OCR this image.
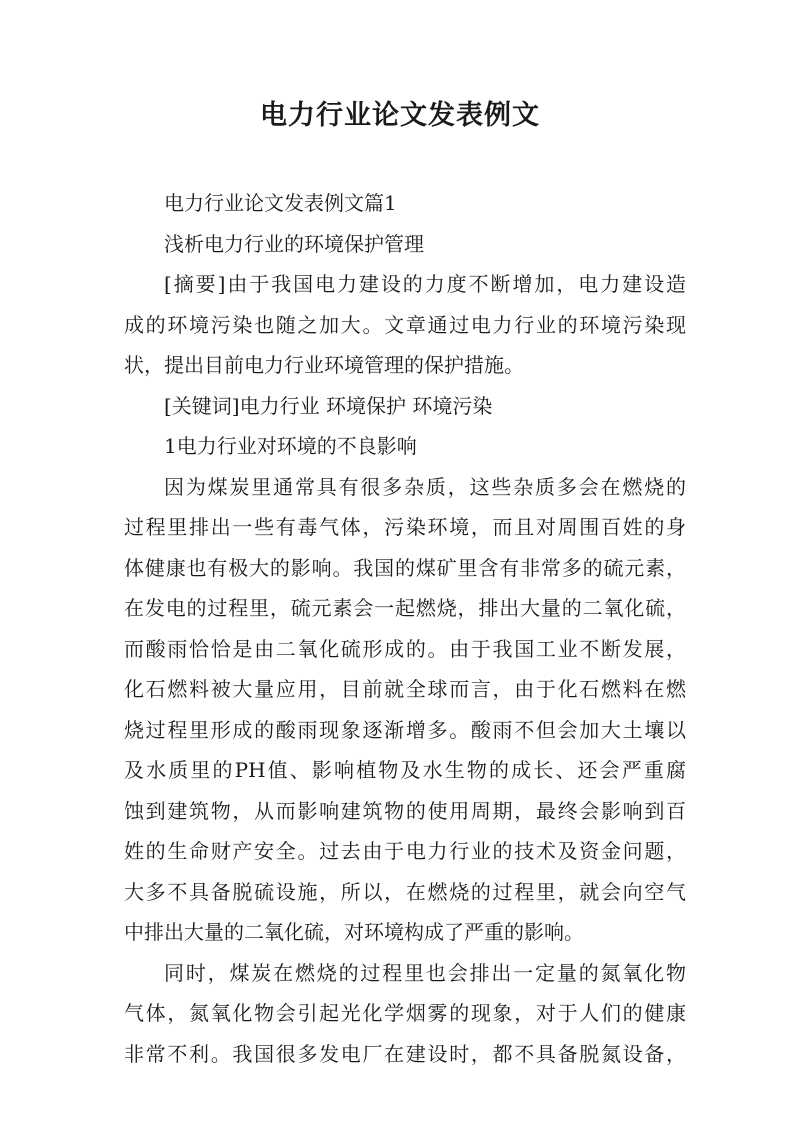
电力行业论文发表例文
电力行业论文发表例文篇1
浅析电力行业的环境保护管理
[摘要]由于我国电力建设的力度不断增加，电力建设造
成的环境污染也随之加大。文章通过电力行业的环境污染现
状，提出目前电力行业环境管理的保护措施。
[关键词]电力行业 环境保护 环境污染
1电力行业对环境的不良影响
因为煤炭里通常具有很多杂质，这些杂质多会在燃烧的
过程里排出一些有毒气体，污染环境，而且对周围百姓的身
体健康也有极大的影响。我国的煤矿里含有非常多的硫元素，
在发电的过程里，硫元素会一起燃烧，排出大量的二氧化硫，
而酸雨恰恰是由二氧化硫形成的。由于我国工业不断发展，
化石燃料被大量应用，目前就全球而言，由于化石燃料在燃
烧过程里形成的酸雨现象逐渐增多。酸雨不但会加大土壤以
及水质里的PH值、影响植物及水生物的成长、还会严重腐
蚀到建筑物，从而影响建筑物的使用周期，最终会影响到百
姓的生命财产安全。过去由于电力行业的技术及资金问题，
大多不具备脱硫设施，所以，在燃烧的过程里，就会向空气
中排出大量的二氧化硫，对环境构成了严重的影响。
同时，煤炭在燃烧的过程里也会排出一定量的氮氧化物
气体，氮氧化物会引起光化学烟雾的现象，对于人们的健康
非常不利。我国很多发电厂在建设时，都不具备脱氮设备，
